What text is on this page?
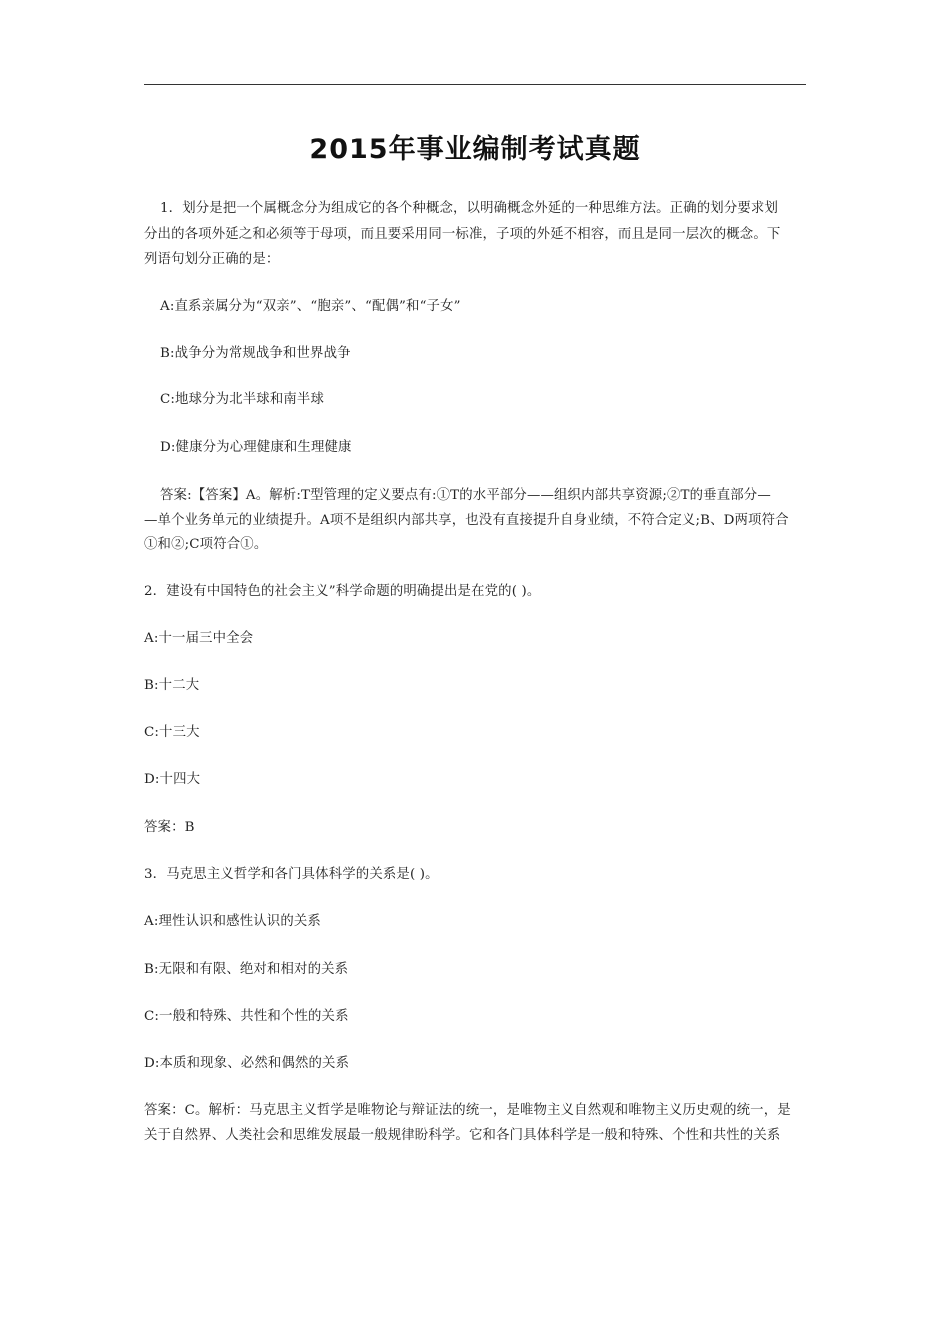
2015年事业编制考试真题
1．划分是把一个属概念分为组成它的各个种概念，以明确概念外延的一种思维方法。正确的划分要求划
分出的各项外延之和必须等于母项，而且要采用同一标准，子项的外延不相容，而且是同一层次的概念。下
列语句划分正确的是：
A:直系亲属分为“双亲”、“胞亲”、“配偶”和“子女”
B:战争分为常规战争和世界战争
C:地球分为北半球和南半球
D:健康分为心理健康和生理健康
答案:【答案】A。解析:T型管理的定义要点有:①T的水平部分——组织内部共享资源;②T的垂直部分—
—单个业务单元的业绩提升。A项不是组织内部共享，也没有直接提升自身业绩，不符合定义;B、D两项符合
①和②;C项符合①。
2．建设有中国特色的社会主义”科学命题的明确提出是在党的( )。
A:十一届三中全会
B:十二大
C:十三大
D:十四大
答案：B
3．马克思主义哲学和各门具体科学的关系是( )。
A:理性认识和感性认识的关系
B:无限和有限、绝对和相对的关系
C:一般和特殊、共性和个性的关系
D:本质和现象、必然和偶然的关系
答案：C。解析：马克思主义哲学是唯物论与辩证法的统一，是唯物主义自然观和唯物主义历史观的统一，是
关于自然界、人类社会和思维发展最一般规律盼科学。它和各门具体科学是一般和特殊、个性和共性的关系
